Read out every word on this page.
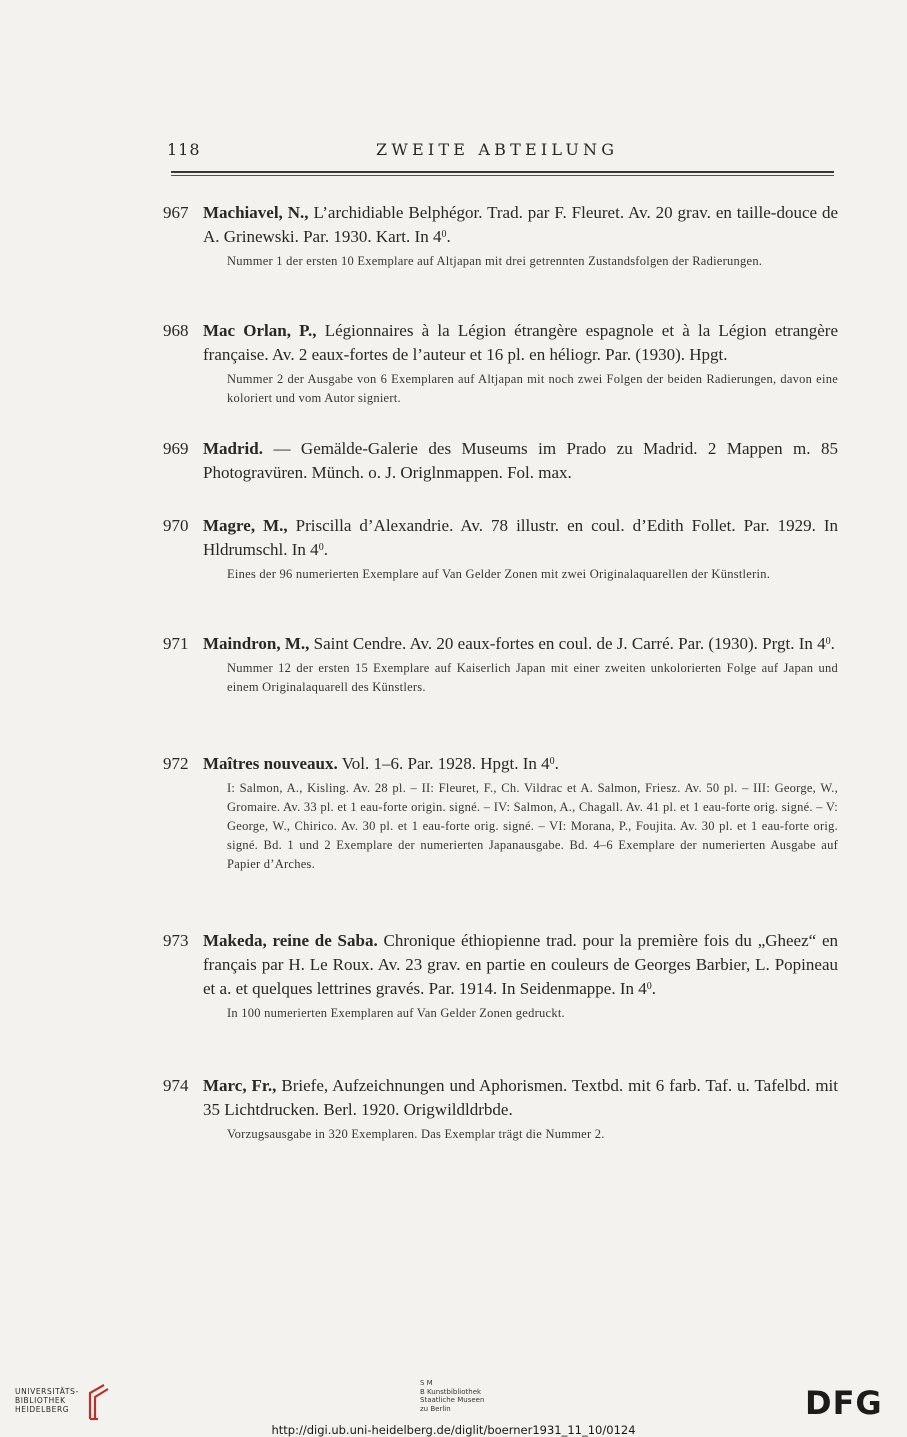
118	ZWEITE ABTEILUNG

967 Machiavel, N., L’archidiable Belphégor. Trad. par F. Fleuret. Av. 20 grav. en taille-douce de A. Grinewski. Par. 1930. Kart. In $4^0$.

Nummer 1 der ersten 10 Exemplare auf Altjapan mit drei getrennten Zustandsfolgen der Radierungen.

968 Mac Orlan, P., Légionnaires à la Légion étrangère espagnole et à la Légion etrangère française. Av. 2 eaux-fortes de l’auteur et 16 pl. en héliogr. Par. (1930). Hpgt.

Nummer 2 der Ausgabe von 6 Exemplaren auf Altjapan mit noch zwei Folgen der beiden Radierungen, davon eine koloriert und vom Autor signiert.

969 Madrid. — Gemälde-Galerie des Museums im Prado zu Madrid. 2 Mappen m. 85 Photogravüren. Münch. o. J. Origlnmappen. Fol. max.

970 Magre, M., Priscilla d’Alexandrie. Av. 78 illustr. en coul. d’Edith Follet. Par. 1929. In Hldrumschl. In $4^0$.

Eines der 96 numerierten Exemplare auf Van Gelder Zonen mit zwei Originalaquarellen der Künstlerin.

971 Maindron, M., Saint Cendre. Av. 20 eaux-fortes en coul. de J. Carré. Par. (1930). Prgt. In $4^0$.

Nummer 12 der ersten 15 Exemplare auf Kaiserlich Japan mit einer zweiten unkolorierten Folge auf Japan und einem Originalaquarell des Künstlers.

972 Maîtres nouveaux. Vol. 1–6. Par. 1928. Hpgt. In $4^0$.

I: Salmon, A., Kisling. Av. 28 pl. – II: Fleuret, F., Ch. Vildrac et A. Salmon, Friesz. Av. 50 pl. – III: George, W., Gromaire. Av. 33 pl. et 1 eau-forte origin. signé. – IV: Salmon, A., Chagall. Av. 41 pl. et 1 eau-forte orig. signé. – V: George, W., Chirico. Av. 30 pl. et 1 eau-forte orig. signé. – VI: Morana, P., Foujita. Av. 30 pl. et 1 eau-forte orig. signé. Bd. 1 und 2 Exemplare der numerierten Japanausgabe. Bd. 4–6 Exemplare der numerierten Ausgabe auf Papier d’Arches.

973 Makeda, reine de Saba. Chronique éthiopienne trad. pour la première fois du „Gheez“ en français par H. Le Roux. Av. 23 grav. en partie en couleurs de Georges Barbier, L. Popineau et a. et quelques lettrines gravés. Par. 1914. In Seidenmappe. In $4^0$.

In 100 numerierten Exemplaren auf Van Gelder Zonen gedruckt.

974 Marc, Fr., Briefe, Aufzeichnungen und Aphorismen. Textbd. mit 6 farb. Taf. u. Tafelbd. mit 35 Lichtdrucken. Berl. 1920. Origwildldrbde.

Vorzugsausgabe in 320 Exemplaren. Das Exemplar trägt die Nummer 2.

UNIVERSITÄTS-
BIBLIOTHEK
HEIDELBERG
S M
B Kunstbibliothek
Staatliche Museen
zu Berlin	DFG
http://digi.ub.uni-heidelberg.de/diglit/boerner1931_11_10/0124
